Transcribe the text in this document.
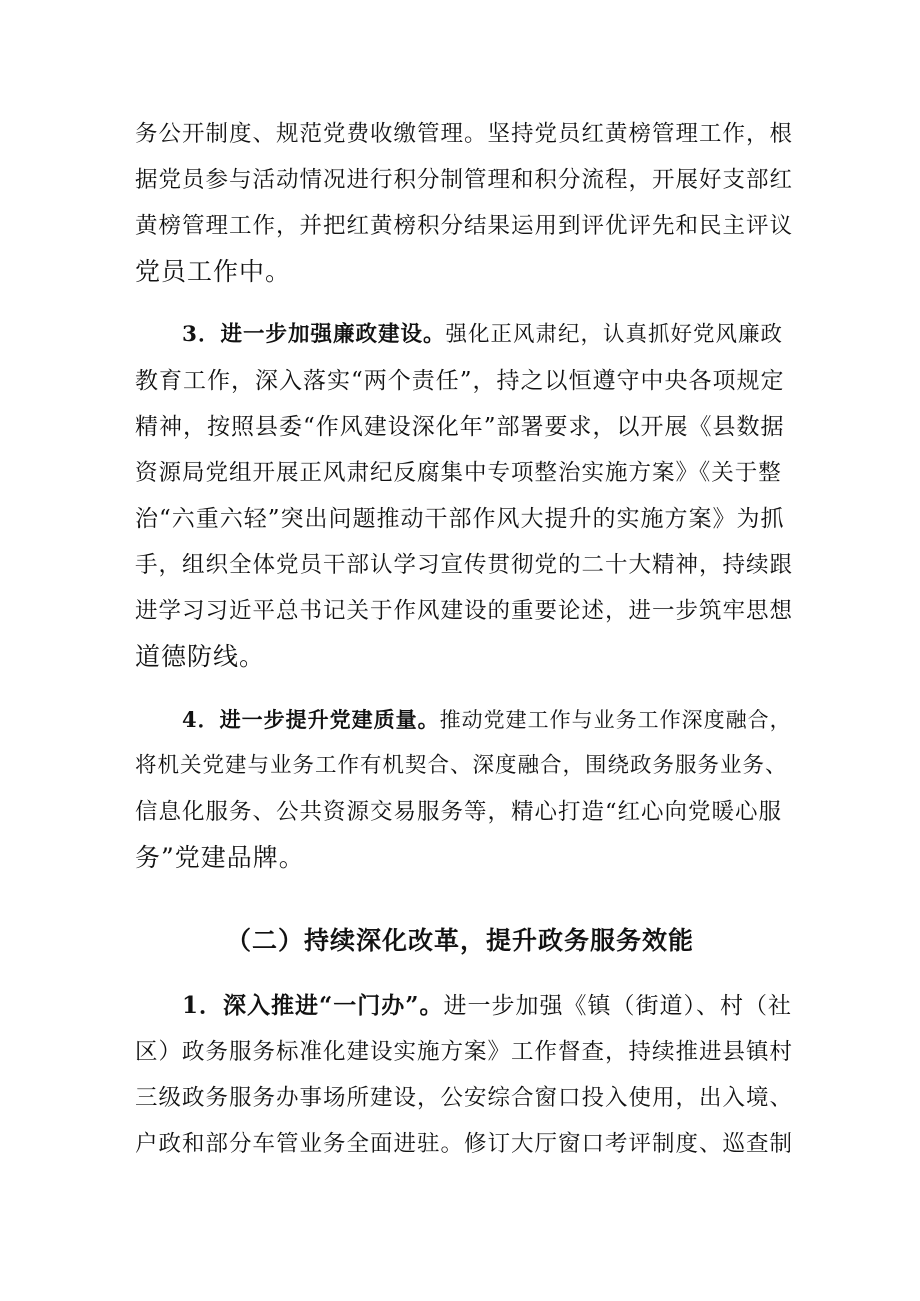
务公开制度、规范党费收缴管理。坚持党员红黄榜管理工作，根
据党员参与活动情况进行积分制管理和积分流程，开展好支部红
黄榜管理工作，并把红黄榜积分结果运用到评优评先和民主评议
党员工作中。
3．进一步加强廉政建设。强化正风肃纪，认真抓好党风廉政
教育工作，深入落实“两个责任”，持之以恒遵守中央各项规定
精神，按照县委“作风建设深化年”部署要求，以开展《县数据
资源局党组开展正风肃纪反腐集中专项整治实施方案》《关于整
治“六重六轻”突出问题推动干部作风大提升的实施方案》为抓
手，组织全体党员干部认学习宣传贯彻党的二十大精神，持续跟
进学习习近平总书记关于作风建设的重要论述，进一步筑牢思想
道德防线。
4．进一步提升党建质量。推动党建工作与业务工作深度融合，
将机关党建与业务工作有机契合、深度融合，围绕政务服务业务、
信息化服务、公共资源交易服务等，精心打造“红心向党暖心服
务”党建品牌。
（二）持续深化改革，提升政务服务效能
1．深入推进“一门办”。进一步加强《镇（街道）、村（社
区）政务服务标准化建设实施方案》工作督查，持续推进县镇村
三级政务服务办事场所建设，公安综合窗口投入使用，出入境、
户政和部分车管业务全面进驻。修订大厅窗口考评制度、巡查制
